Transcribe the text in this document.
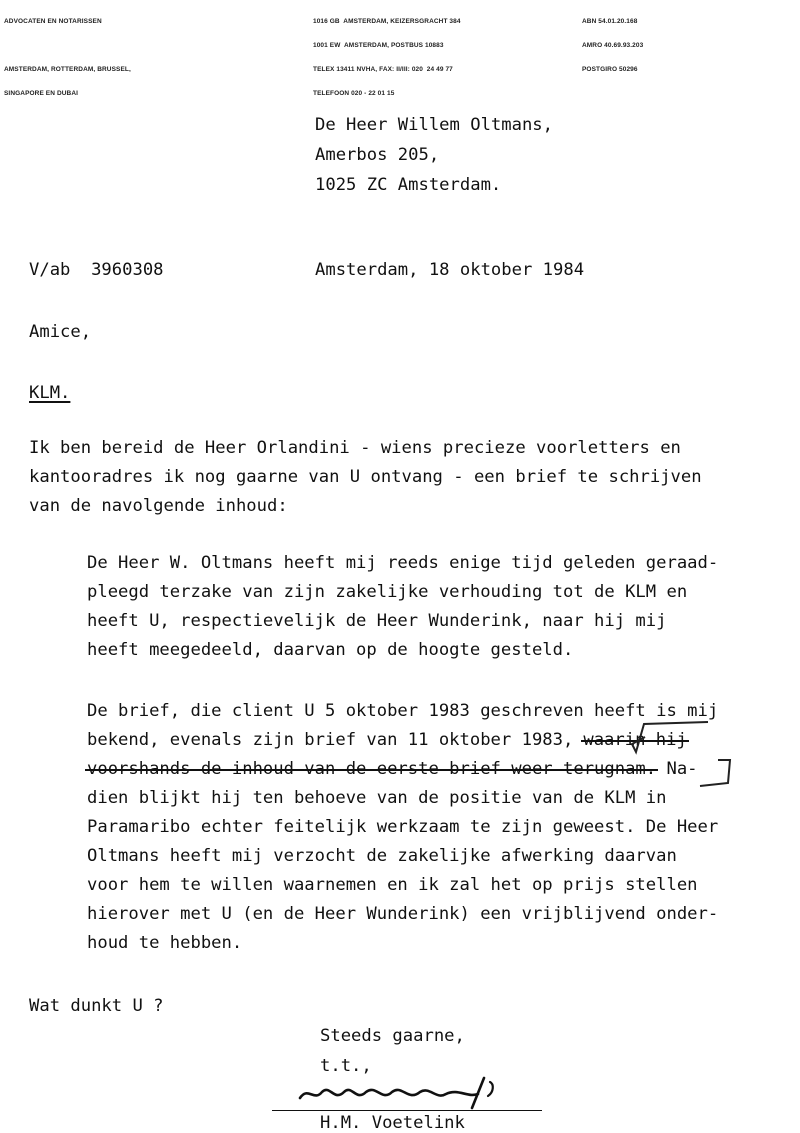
ADVOCATEN EN NOTARISSEN

AMSTERDAM, ROTTERDAM, BRUSSEL,

SINGAPORE EN DUBAI

1016 GB  AMSTERDAM, KEIZERSGRACHT 384

1001 EW  AMSTERDAM, POSTBUS 10883

TELEX 13411 NVHA, FAX: II/III: 020  24 49 77

TELEFOON 020 - 22 01 15

ABN 54.01.20.168

AMRO 40.69.93.203

POSTGIRO 50296

De Heer Willem Oltmans,
Amerbos 205,
1025 ZC Amsterdam.
V/ab  3960308	Amsterdam, 18 oktober 1984
Amice,
KLM.
Ik ben bereid de Heer Orlandini - wiens precieze voorletters en
kantooradres ik nog gaarne van U ontvang - een brief te schrijven
van de navolgende inhoud:
De Heer W. Oltmans heeft mij reeds enige tijd geleden geraad-
pleegd terzake van zijn zakelijke verhouding tot de KLM en
heeft U, respectievelijk de Heer Wunderink, naar hij mij
heeft meegedeeld, daarvan op de hoogte gesteld.
De brief, die client U 5 oktober 1983 geschreven heeft is mij
bekend, evenals zijn brief van 11 oktober 1983, waarin hij
voorshands de inhoud van de eerste brief weer terugnam. Na-
dien blijkt hij ten behoeve van de positie van de KLM in
Paramaribo echter feitelijk werkzaam te zijn geweest. De Heer
Oltmans heeft mij verzocht de zakelijke afwerking daarvan
voor hem te willen waarnemen en ik zal het op prijs stellen
hierover met U (en de Heer Wunderink) een vrijblijvend onder-
houd te hebben.
Wat dunkt U ?
Steeds gaarne,
t.t.,
H.M. Voetelink
